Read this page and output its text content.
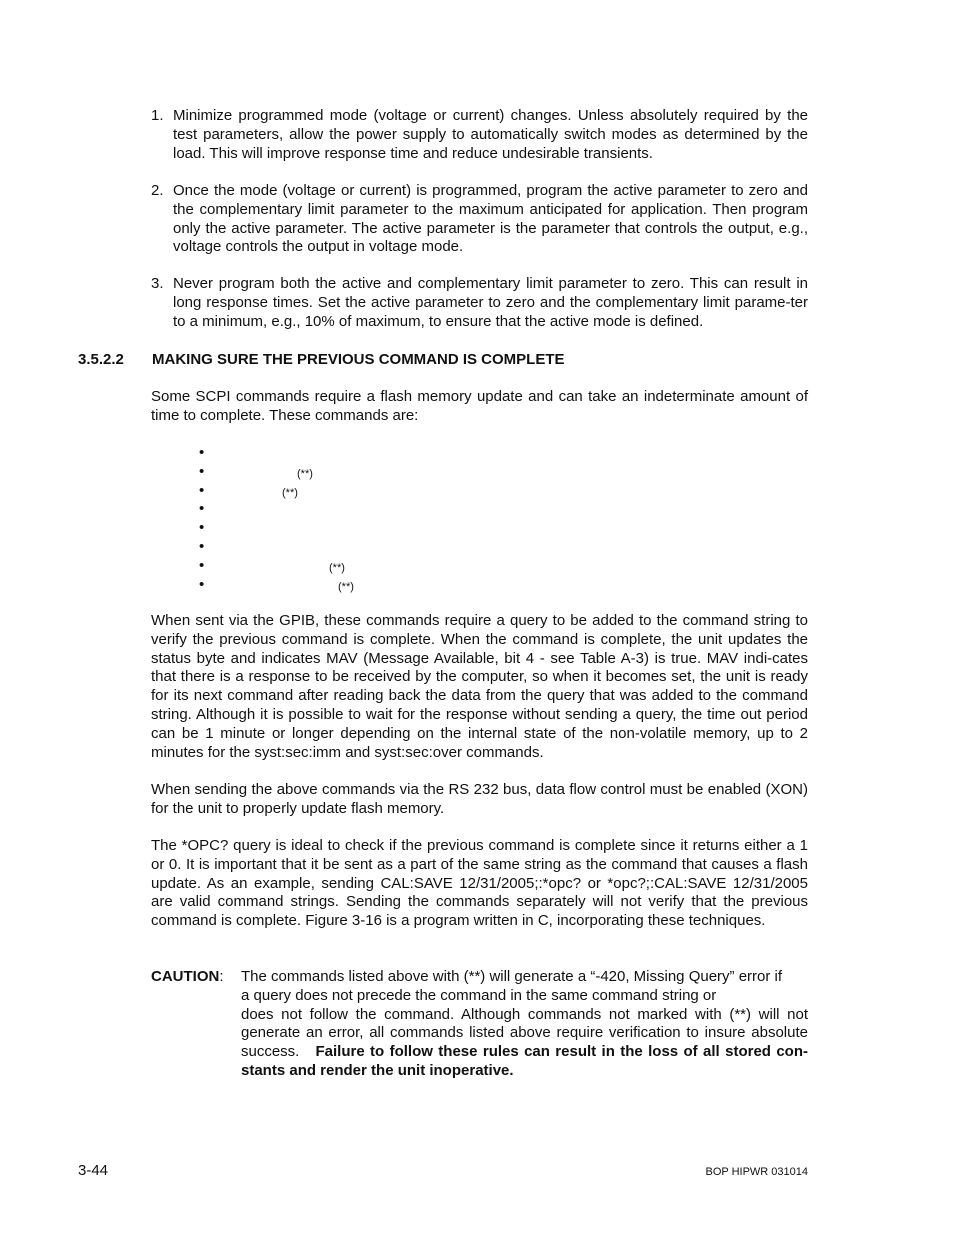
1. Minimize programmed mode (voltage or current) changes. Unless absolutely required by the test parameters, allow the power supply to automatically switch modes as determined by the load. This will improve response time and reduce undesirable transients.
2. Once the mode (voltage or current) is programmed, program the active parameter to zero and the complementary limit parameter to the maximum anticipated for application. Then program only the active parameter. The active parameter is the parameter that controls the output, e.g., voltage controls the output in voltage mode.
3. Never program both the active and complementary limit parameter to zero. This can result in long response times. Set the active parameter to zero and the complementary limit parame-ter to a minimum, e.g., 10% of maximum, to ensure that the active mode is defined.
3.5.2.2	MAKING SURE THE PREVIOUS COMMAND IS COMPLETE

Some SCPI commands require a flash memory update and can take an indeterminate amount of time to complete. These commands are:

•
•	(**)
•	(**)
•
•
•
•	(**)
•	(**)

When sent via the GPIB, these commands require a query to be added to the command string to verify the previous command is complete. When the command is complete, the unit updates the status byte and indicates MAV (Message Available, bit 4 - see Table A-3) is true. MAV indi-cates that there is a response to be received by the computer, so when it becomes set, the unit is ready for its next command after reading back the data from the query that was added to the command string. Although it is possible to wait for the response without sending a query, the time out period can be 1 minute or longer depending on the internal state of the non-volatile memory, up to 2 minutes for the syst:sec:imm and syst:sec:over commands.

When sending the above commands via the RS 232 bus, data flow control must be enabled (XON) for the unit to properly update flash memory.

The *OPC? query is ideal to check if the previous command is complete since it returns either a 1 or 0. It is important that it be sent as a part of the same string as the command that causes a flash update. As an example, sending CAL:SAVE 12/31/2005;:*opc? or *opc?;:CAL:SAVE 12/31/2005 are valid command strings. Sending the commands separately will not verify that the previous command is complete. Figure 3-16 is a program written in C, incorporating these techniques.

CAUTION: The commands listed above with (**) will generate a “-420, Missing Query” error if
a query does not precede the command in the same command string or
does not follow the command. Although commands not marked with (**) will not generate an error, all commands listed above require verification to insure absolute success. Failure to follow these rules can result in the loss of all stored con-stants and render the unit inoperative.
3-44	BOP HIPWR 031014
